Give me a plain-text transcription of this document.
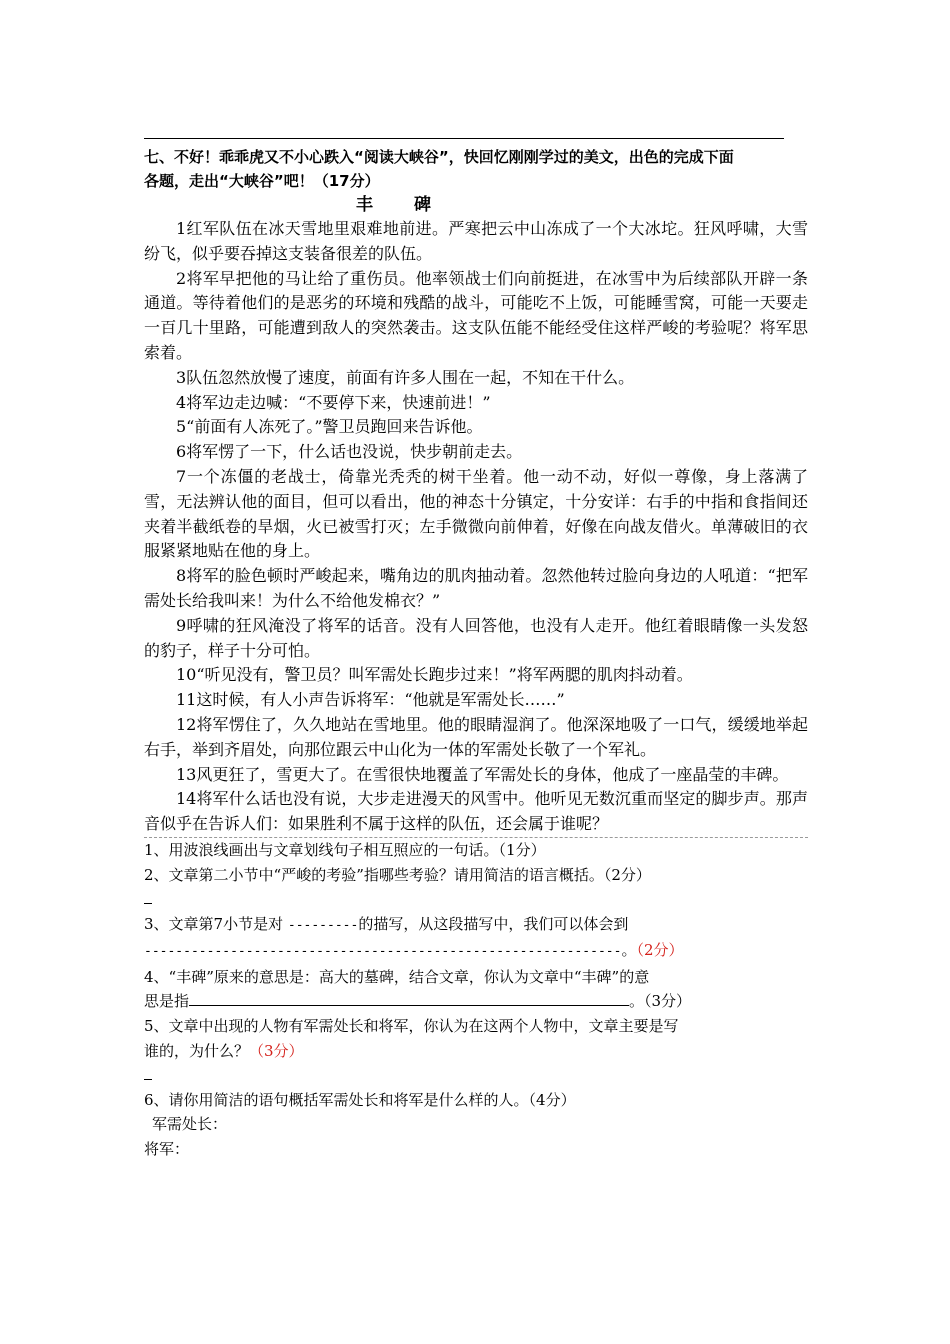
七、不好！乖乖虎又不小心跌入“阅读大峡谷”，快回忆刚刚学过的美文，出色的完成下面
各题，走出“大峡谷”吧！（17分）
丰 碑
1红军队伍在冰天雪地里艰难地前进。严寒把云中山冻成了一个大冰坨。狂风呼啸，大雪纷飞，似乎要吞掉这支装备很差的队伍。
2将军早把他的马让给了重伤员。他率领战士们向前挺进，在冰雪中为后续部队开辟一条通道。等待着他们的是恶劣的环境和残酷的战斗，可能吃不上饭，可能睡雪窝，可能一天要走一百几十里路，可能遭到敌人的突然袭击。这支队伍能不能经受住这样严峻的考验呢？将军思索着。
3队伍忽然放慢了速度，前面有许多人围在一起，不知在干什么。
4将军边走边喊：“不要停下来，快速前进！”
5“前面有人冻死了。”警卫员跑回来告诉他。
6将军愣了一下，什么话也没说，快步朝前走去。
7一个冻僵的老战士，倚靠光秃秃的树干坐着。他一动不动，好似一尊像，身上落满了雪，无法辨认他的面目，但可以看出，他的神态十分镇定，十分安详：右手的中指和食指间还夹着半截纸卷的旱烟，火已被雪打灭；左手微微向前伸着，好像在向战友借火。单薄破旧的衣服紧紧地贴在他的身上。
8将军的脸色顿时严峻起来，嘴角边的肌肉抽动着。忽然他转过脸向身边的人吼道：“把军需处长给我叫来！为什么不给他发棉衣？”
9呼啸的狂风淹没了将军的话音。没有人回答他，也没有人走开。他红着眼睛像一头发怒的豹子，样子十分可怕。
10“听见没有，警卫员？叫军需处长跑步过来！”将军两腮的肌肉抖动着。
11这时候，有人小声告诉将军：“他就是军需处长……”
12将军愣住了，久久地站在雪地里。他的眼睛湿润了。他深深地吸了一口气，缓缓地举起右手，举到齐眉处，向那位跟云中山化为一体的军需处长敬了一个军礼。
13风更狂了，雪更大了。在雪很快地覆盖了军需处长的身体，他成了一座晶莹的丰碑。
14将军什么话也没有说，大步走进漫天的风雪中。他听见无数沉重而坚定的脚步声。那声音似乎在告诉人们：如果胜利不属于这样的队伍，还会属于谁呢？
1、用波浪线画出与文章划线句子相互照应的一句话。（1分）
2、文章第二小节中“严峻的考验”指哪些考验？请用简洁的语言概括。（2分）
3、文章第7小节是对 ---------的描写，从这段描写中，我们可以体会到
-------------------------------------------------------------。（2分）
4、“丰碑”原来的意思是：高大的墓碑，结合文章，你认为文章中“丰碑”的意
思是指	。（3分）
5、文章中出现的人物有军需处长和将军，你认为在这两个人物中，文章主要是写
谁的，为什么？（3分）
6、请你用简洁的语句概括军需处长和将军是什么样的人。（4分）
军需处长：
将军：
